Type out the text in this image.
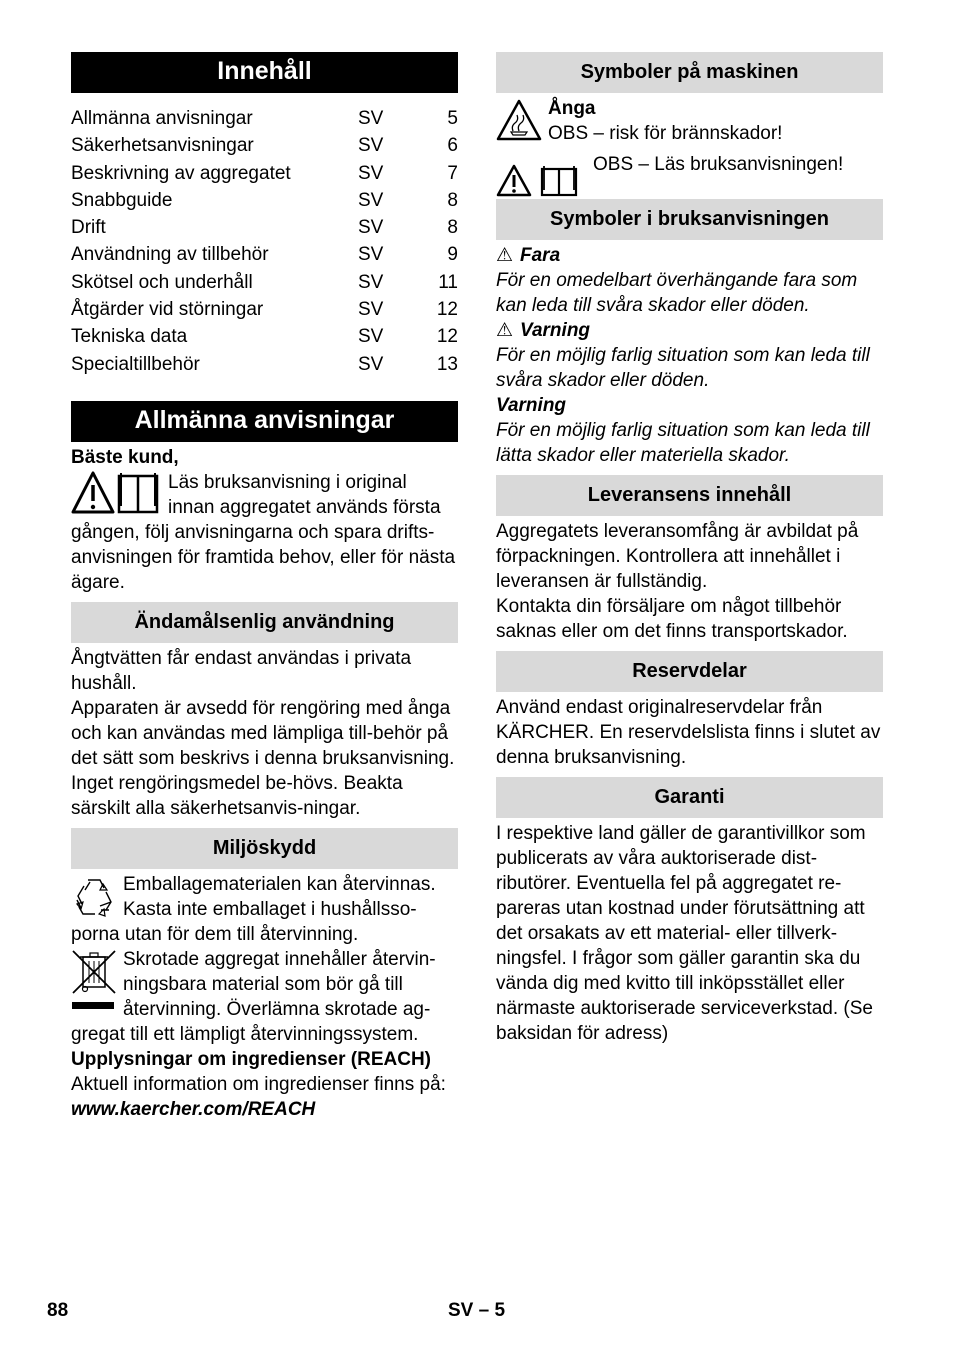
Innehåll
Allmänna anvisningar	SV	5
Säkerhetsanvisningar	SV	6
Beskrivning av aggregatet	SV	7
Snabbguide	SV	8
Drift	SV	8
Användning av tillbehör	SV	9
Skötsel och underhåll	SV	11
Åtgärder vid störningar	SV	12
Tekniska data	SV	12
Specialtillbehör	SV	13
Allmänna anvisningar

Bäste kund,

Läs bruksanvisning i original

innan aggregatet används första

gången, följ anvisningarna och spara drifts-anvisningen för framtida behov, eller för nästa ägare.

Ändamålsenlig användning

Ångtvätten får endast användas i privata hushåll.

Apparaten är avsedd för rengöring med ånga och kan användas med lämpliga till-behör på det sätt som beskrivs i denna bruksanvisning. Inget rengöringsmedel be-hövs. Beakta särskilt alla säkerhetsanvis-ningar.

Miljöskydd

Emballagematerialen kan återvinnas.

Kasta inte emballaget i hushållsso-

porna utan för dem till återvinning.

Skrotade aggregat innehåller återvin-

ningsbara material som bör gå till

återvinning. Överlämna skrotade ag-

gregat till ett lämpligt återvinningssystem.

Upplysningar om ingredienser (REACH)

Aktuell information om ingredienser finns på:

www.kaercher.com/REACH

Symboler på maskinen

Ånga

OBS – risk för brännskador!

OBS – Läs bruksanvisningen!

Symboler i bruksanvisningen

⚠ Fara

För en omedelbart överhängande fara som kan leda till svåra skador eller döden.

⚠ Varning

För en möjlig farlig situation som kan leda till svåra skador eller döden.

Varning

För en möjlig farlig situation som kan leda till lätta skador eller materiella skador.

Leveransens innehåll

Aggregatets leveransomfång är avbildat på förpackningen. Kontrollera att innehållet i leveransen är fullständig.

Kontakta din försäljare om något tillbehör saknas eller om det finns transportskador.

Reservdelar

Använd endast originalreservdelar från KÄRCHER. En reservdelslista finns i slutet av denna bruksanvisning.

Garanti

I respektive land gäller de garantivillkor som publicerats av våra auktoriserade dist-ributörer. Eventuella fel på aggregatet re-pareras utan kostnad under förutsättning att det orsakats av ett material- eller tillverk-ningsfel. I frågor som gäller garantin ska du vända dig med kvitto till inköpsstället eller närmaste auktoriserade serviceverkstad. (Se baksidan för adress)

88	SV – 5
